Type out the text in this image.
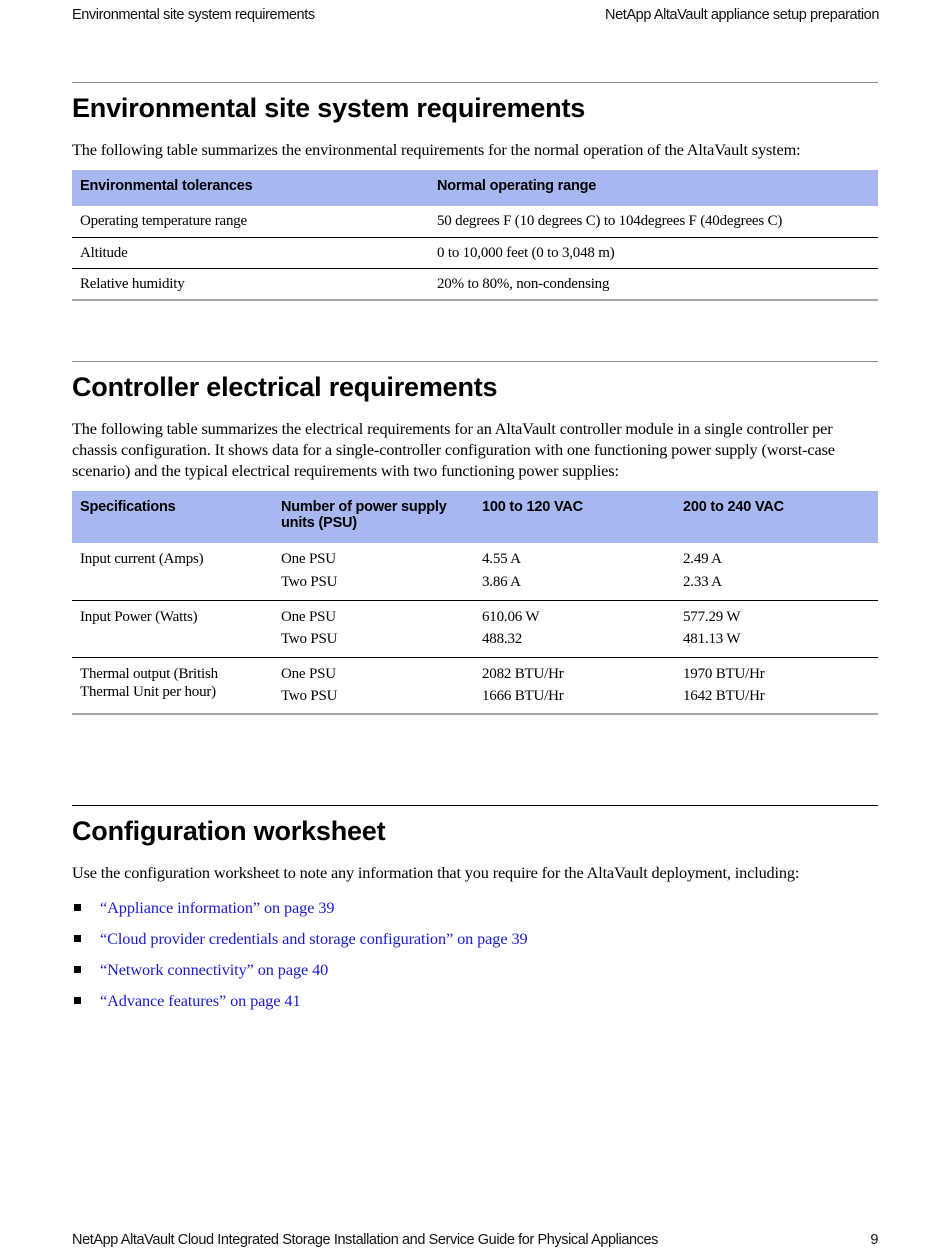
Environmental site system requirements	NetApp AltaVault appliance setup preparation
Environmental site system requirements

The following table summarizes the environmental requirements for the normal operation of the AltaVault system:

Environmental tolerances	Normal operating range
Operating temperature range	50 degrees F (10 degrees C) to 104degrees F (40degrees C)
Altitude	0 to 10,000 feet (0 to 3,048 m)
Relative humidity	20% to 80%, non-condensing
Controller electrical requirements

The following table summarizes the electrical requirements for an AltaVault controller module in a single controller per chassis configuration. It shows data for a single-controller configuration with one functioning power supply (worst-case scenario) and the typical electrical requirements with two functioning power supplies:

Specifications	Number of power supply units (PSU)	100 to 120 VAC	200 to 240 VAC
Input current (Amps)	One PSU	4.55 A	2.49 A
	Two PSU	3.86 A	2.33 A
Input Power (Watts)	One PSU	610.06 W	577.29 W
	Two PSU	488.32	481.13 W
Thermal output (British Thermal Unit per hour)	One PSU	2082 BTU/Hr	1970 BTU/Hr
	Two PSU	1666 BTU/Hr	1642 BTU/Hr
Configuration worksheet

Use the configuration worksheet to note any information that you require for the AltaVault deployment, including:

“Appliance information” on page 39
“Cloud provider credentials and storage configuration” on page 39
“Network connectivity” on page 40
“Advance features” on page 41
NetApp AltaVault Cloud Integrated Storage Installation and Service Guide for Physical Appliances	9
